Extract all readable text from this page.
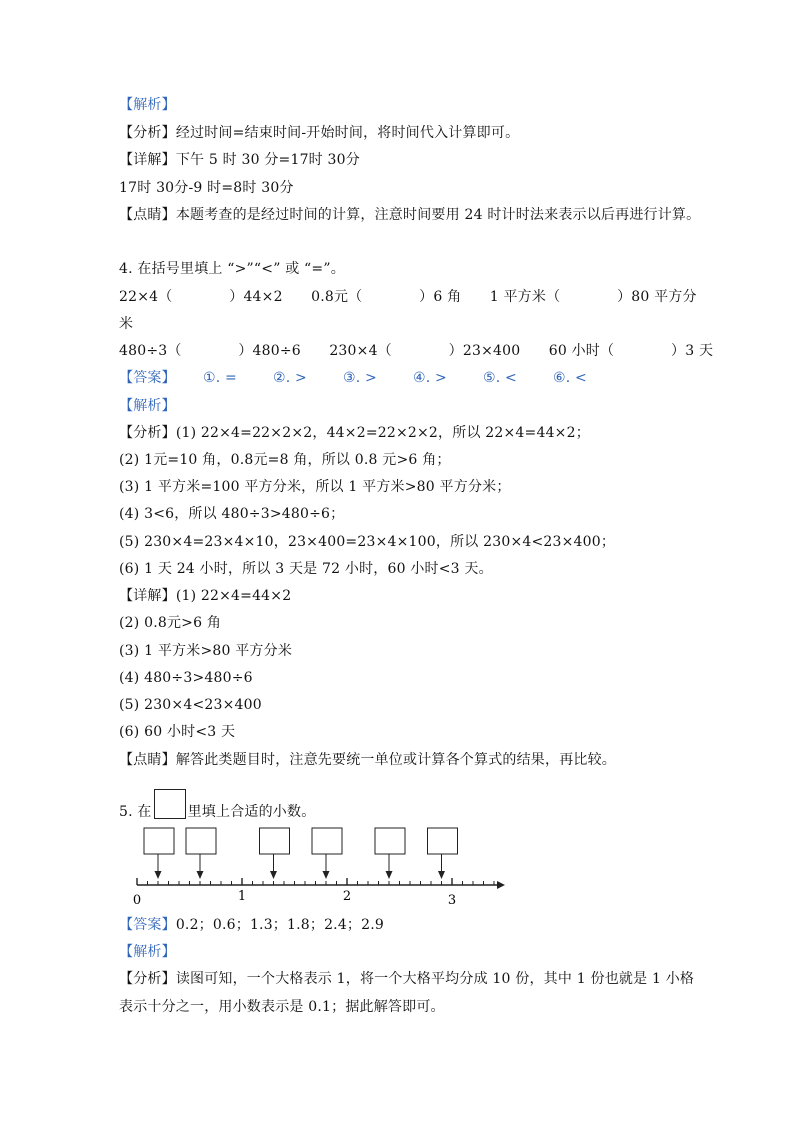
【解析】
【分析】经过时间=结束时间-开始时间，将时间代入计算即可。
【详解】下午 5 时 30 分=17时 30分
17时 30分-9 时=8时 30分
【点睛】本题考查的是经过时间的计算，注意时间要用 24 时计时法来表示以后再进行计算。
4. 在括号里填上 “>”“<” 或 “=”。
22×4（　　　　）44×2　　0.8元（　　　　）6 角　　1 平方米（　　　　）80 平方分
米
480÷3（　　　　）480÷6　　230×4（　　　　）23×400　　60 小时（　　　　）3 天
【答案】 ①. =	②. >	③. >	④. >	⑤. <	⑥. <
【解析】
【分析】(1) 22×4=22×2×2，44×2=22×2×2，所以 22×4=44×2；
(2) 1元=10 角，0.8元=8 角，所以 0.8 元>6 角；
(3) 1 平方米=100 平方分米，所以 1 平方米>80 平方分米；
(4) 3<6，所以 480÷3>480÷6；
(5) 230×4=23×4×10，23×400=23×4×100，所以 230×4<23×400；
(6) 1 天 24 小时，所以 3 天是 72 小时，60 小时<3 天。
【详解】(1) 22×4=44×2
(2) 0.8元>6 角
(3) 1 平方米>80 平方分米
(4) 480÷3>480÷6
(5) 230×4<23×400
(6) 60 小时<3 天
【点睛】解答此类题目时，注意先要统一单位或计算各个算式的结果，再比较。
5. 在	里填上合适的小数。
0	1	2	3
【答案】0.2；0.6；1.3；1.8；2.4；2.9
【解析】
【分析】读图可知，一个大格表示 1，将一个大格平均分成 10 份，其中 1 份也就是 1 小格
表示十分之一，用小数表示是 0.1；据此解答即可。
